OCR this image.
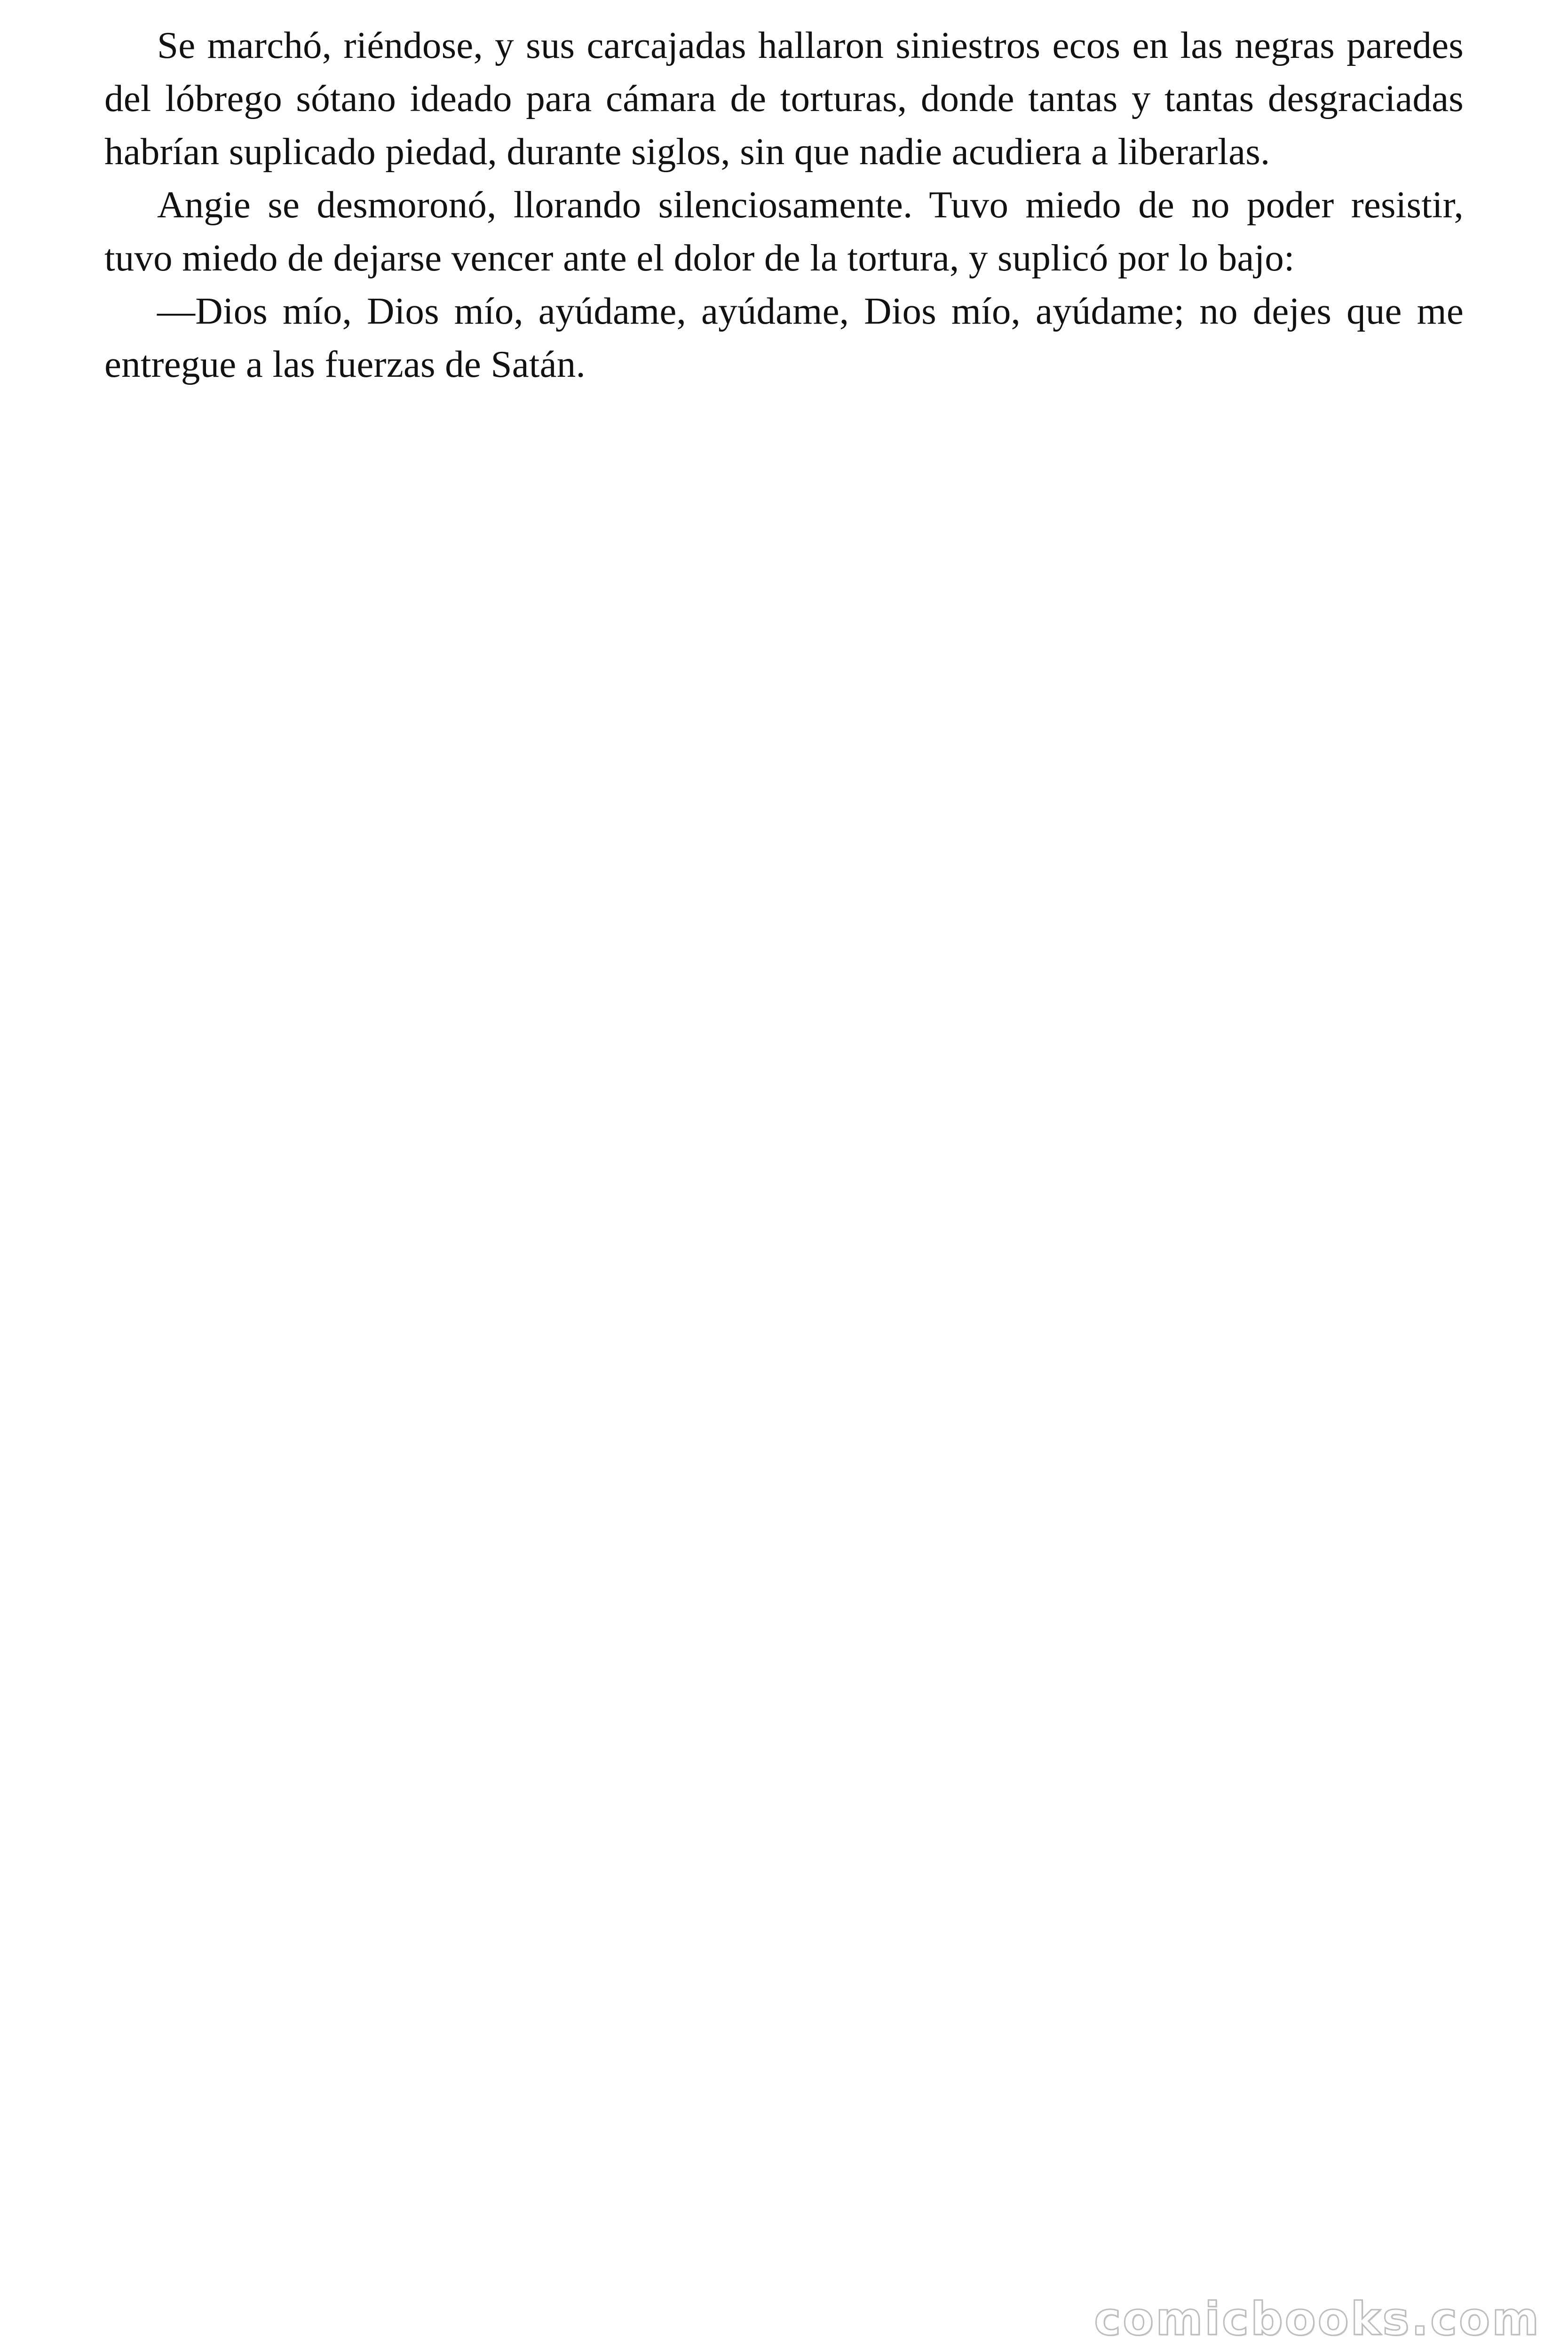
Se marchó, riéndose, y sus carcajadas hallaron siniestros ecos en las negras paredes del lóbrego sótano ideado para cámara de torturas, donde tantas y tantas desgraciadas habrían suplicado piedad, durante siglos, sin que nadie acudiera a liberarlas.

Angie se desmoronó, llorando silenciosamente. Tuvo miedo de no poder resistir, tuvo miedo de dejarse vencer ante el dolor de la tortura, y suplicó por lo bajo:

—Dios mío, Dios mío, ayúdame, ayúdame, Dios mío, ayúdame; no dejes que me entregue a las fuerzas de Satán.

comicbooks.com
